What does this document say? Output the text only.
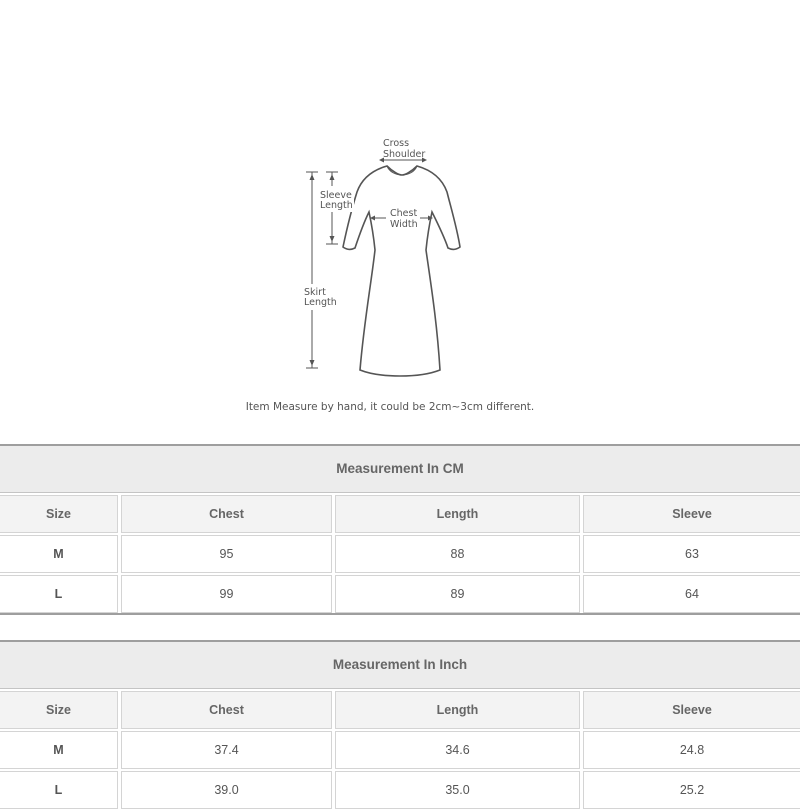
Cross
Shoulder
Sleeve
Length
Chest
Width
Skirt
Length
Item Measure by hand, it could be 2cm~3cm different.
Measurement In CM
Size	Chest	Length	Sleeve
M	95	88	63
L	99	89	64
Measurement In Inch
Size	Chest	Length	Sleeve
M	37.4	34.6	24.8
L	39.0	35.0	25.2
